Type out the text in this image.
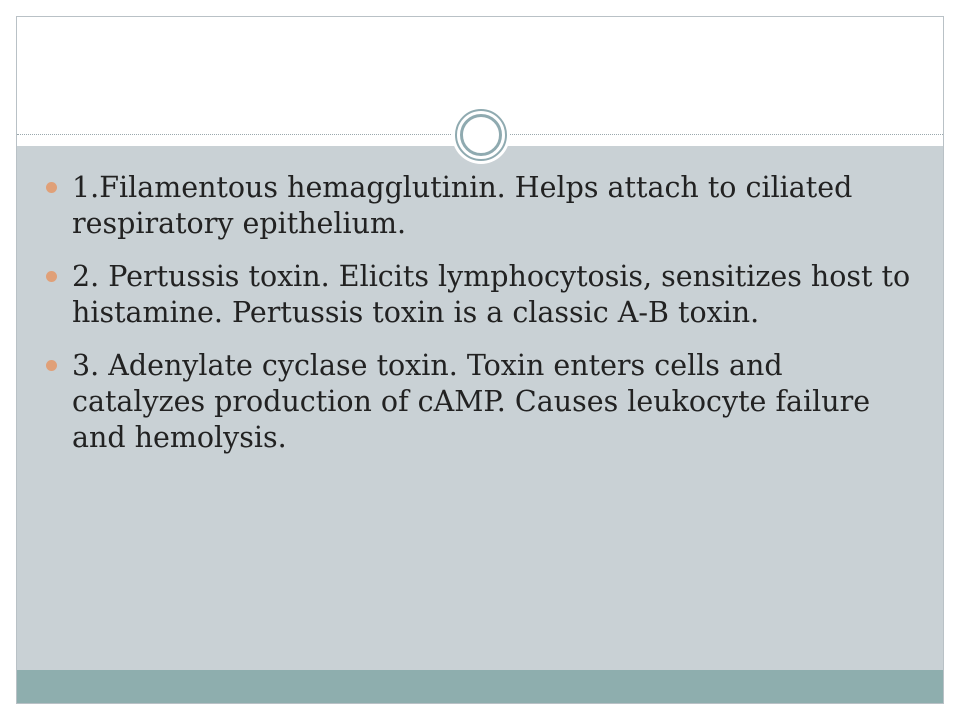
1.Filamentous hemagglutinin. Helps attach to ciliated respiratory epithelium.
2. Pertussis toxin. Elicits lymphocytosis, sensitizes host to histamine. Pertussis toxin is a classic A-B toxin.
3. Adenylate cyclase toxin. Toxin enters cells and catalyzes production of cAMP. Causes leukocyte failure and hemolysis.
